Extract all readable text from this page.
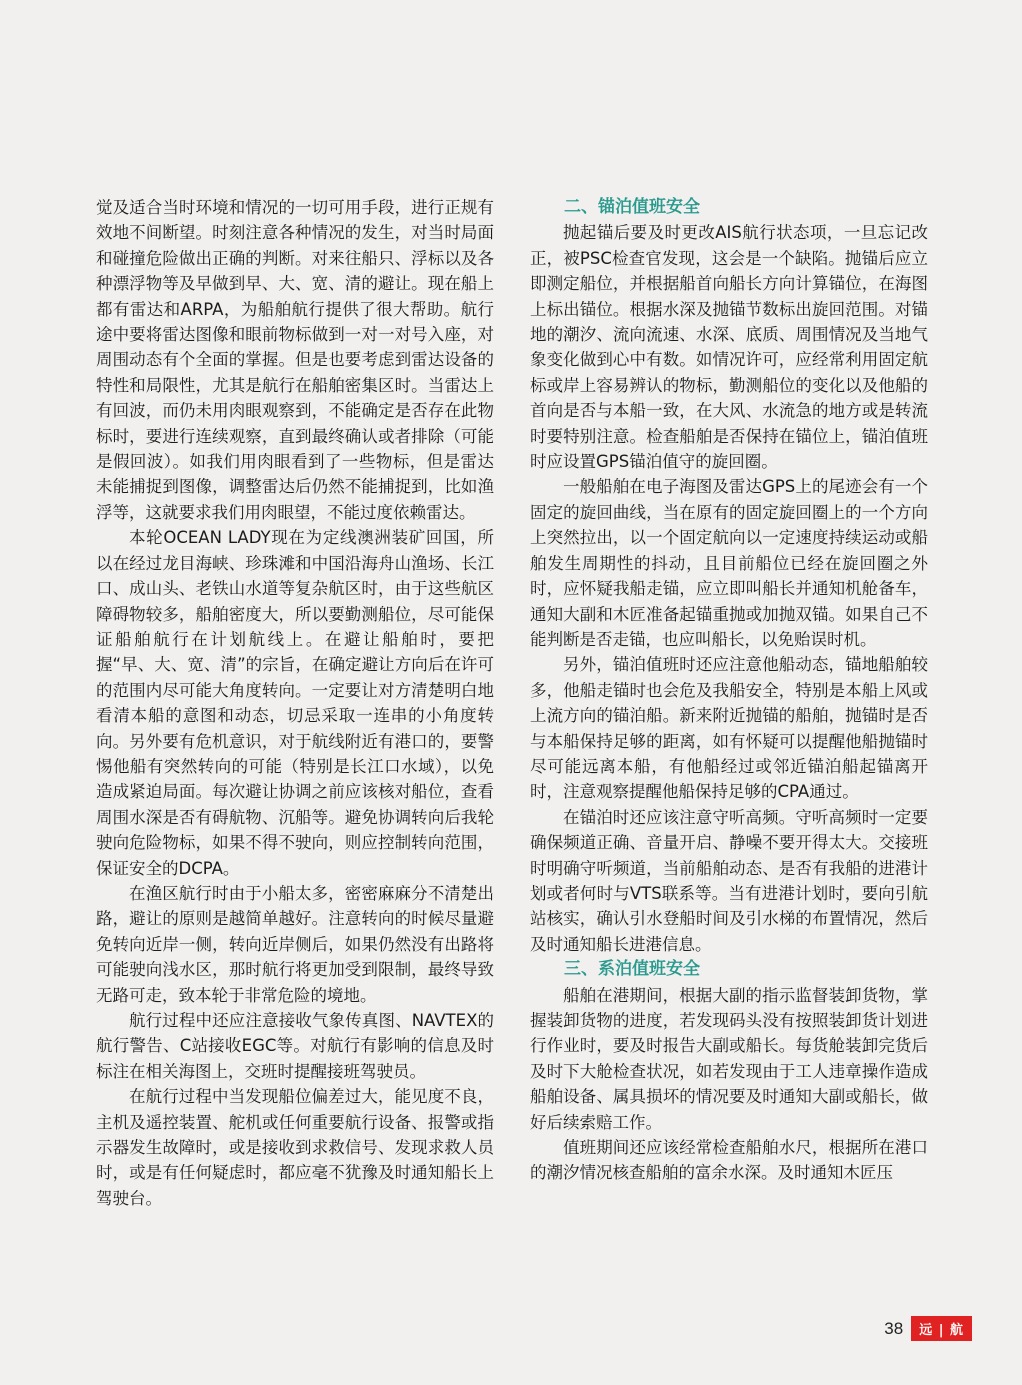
觉及适合当时环境和情况的一切可用手段，进行正规有效地不间断望。时刻注意各种情况的发生，对当时局面和碰撞危险做出正确的判断。对来往船只、浮标以及各种漂浮物等及早做到早、大、宽、清的避让。现在船上都有雷达和ARPA，为船舶航行提供了很大帮助。航行途中要将雷达图像和眼前物标做到一对一对号入座，对周围动态有个全面的掌握。但是也要考虑到雷达设备的特性和局限性，尤其是航行在船舶密集区时。当雷达上有回波，而仍未用肉眼观察到，不能确定是否存在此物标时，要进行连续观察，直到最终确认或者排除（可能是假回波）。如我们用肉眼看到了一些物标，但是雷达未能捕捉到图像，调整雷达后仍然不能捕捉到，比如渔浮等，这就要求我们用肉眼望，不能过度依赖雷达。

本轮OCEAN LADY现在为定线澳洲装矿回国，所以在经过龙目海峡、珍珠滩和中国沿海舟山渔场、长江口、成山头、老铁山水道等复杂航区时，由于这些航区障碍物较多，船舶密度大，所以要勤测船位，尽可能保证船舶航行在计划航线上。在避让船舶时，要把握“早、大、宽、清”的宗旨，在确定避让方向后在许可的范围内尽可能大角度转向。一定要让对方清楚明白地看清本船的意图和动态，切忌采取一连串的小角度转向。另外要有危机意识，对于航线附近有港口的，要警惕他船有突然转向的可能（特别是长江口水域），以免造成紧迫局面。每次避让协调之前应该核对船位，查看周围水深是否有碍航物、沉船等。避免协调转向后我轮驶向危险物标，如果不得不驶向，则应控制转向范围，保证安全的DCPA。

在渔区航行时由于小船太多，密密麻麻分不清楚出路，避让的原则是越简单越好。注意转向的时候尽量避免转向近岸一侧，转向近岸侧后，如果仍然没有出路将可能驶向浅水区，那时航行将更加受到限制，最终导致无路可走，致本轮于非常危险的境地。

航行过程中还应注意接收气象传真图、NAVTEX的航行警告、C站接收EGC等。对航行有影响的信息及时标注在相关海图上，交班时提醒接班驾驶员。

在航行过程中当发现船位偏差过大，能见度不良，主机及遥控装置、舵机或任何重要航行设备、报警或指示器发生故障时，或是接收到求救信号、发现求救人员时，或是有任何疑虑时，都应毫不犹豫及时通知船长上驾驶台。

二、锚泊值班安全

抛起锚后要及时更改AIS航行状态项，一旦忘记改正，被PSC检查官发现，这会是一个缺陷。抛锚后应立即测定船位，并根据船首向船长方向计算锚位，在海图上标出锚位。根据水深及抛锚节数标出旋回范围。对锚地的潮汐、流向流速、水深、底质、周围情况及当地气象变化做到心中有数。如情况许可，应经常利用固定航标或岸上容易辨认的物标，勤测船位的变化以及他船的首向是否与本船一致，在大风、水流急的地方或是转流时要特别注意。检查船舶是否保持在锚位上，锚泊值班时应设置GPS锚泊值守的旋回圈。

一般船舶在电子海图及雷达GPS上的尾迹会有一个固定的旋回曲线，当在原有的固定旋回圈上的一个方向上突然拉出，以一个固定航向以一定速度持续运动或船舶发生周期性的抖动，且目前船位已经在旋回圈之外时，应怀疑我船走锚，应立即叫船长并通知机舱备车，通知大副和木匠准备起锚重抛或加抛双锚。如果自己不能判断是否走锚，也应叫船长，以免贻误时机。

另外，锚泊值班时还应注意他船动态，锚地船舶较多，他船走锚时也会危及我船安全，特别是本船上风或上流方向的锚泊船。新来附近抛锚的船舶，抛锚时是否与本船保持足够的距离，如有怀疑可以提醒他船抛锚时尽可能远离本船，有他船经过或邻近锚泊船起锚离开时，注意观察提醒他船保持足够的CPA通过。

在锚泊时还应该注意守听高频。守听高频时一定要确保频道正确、音量开启、静噪不要开得太大。交接班时明确守听频道，当前船舶动态、是否有我船的进港计划或者何时与VTS联系等。当有进港计划时，要向引航站核实，确认引水登船时间及引水梯的布置情况，然后及时通知船长进港信息。

三、系泊值班安全

船舶在港期间，根据大副的指示监督装卸货物，掌握装卸货物的进度，若发现码头没有按照装卸货计划进行作业时，要及时报告大副或船长。每货舱装卸完货后及时下大舱检查状况，如若发现由于工人违章操作造成船舶设备、属具损坏的情况要及时通知大副或船长，做好后续索赔工作。

值班期间还应该经常检查船舶水尺，根据所在港口的潮汐情况核查船舶的富余水深。及时通知木匠压

38	远 | 航
